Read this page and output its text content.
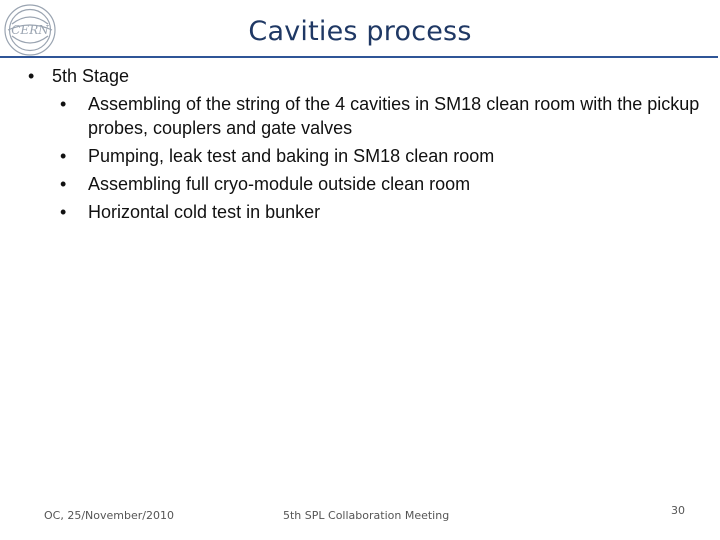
CERN	Cavities process
• 5th Stage
• Assembling of the string of the 4 cavities in SM18 clean room with the pickup probes, couplers and gate valves
• Pumping, leak test and baking in SM18 clean room
• Assembling full cryo-module outside clean room
• Horizontal cold test in bunker
OC, 25/November/2010	5th SPL Collaboration Meeting	30
